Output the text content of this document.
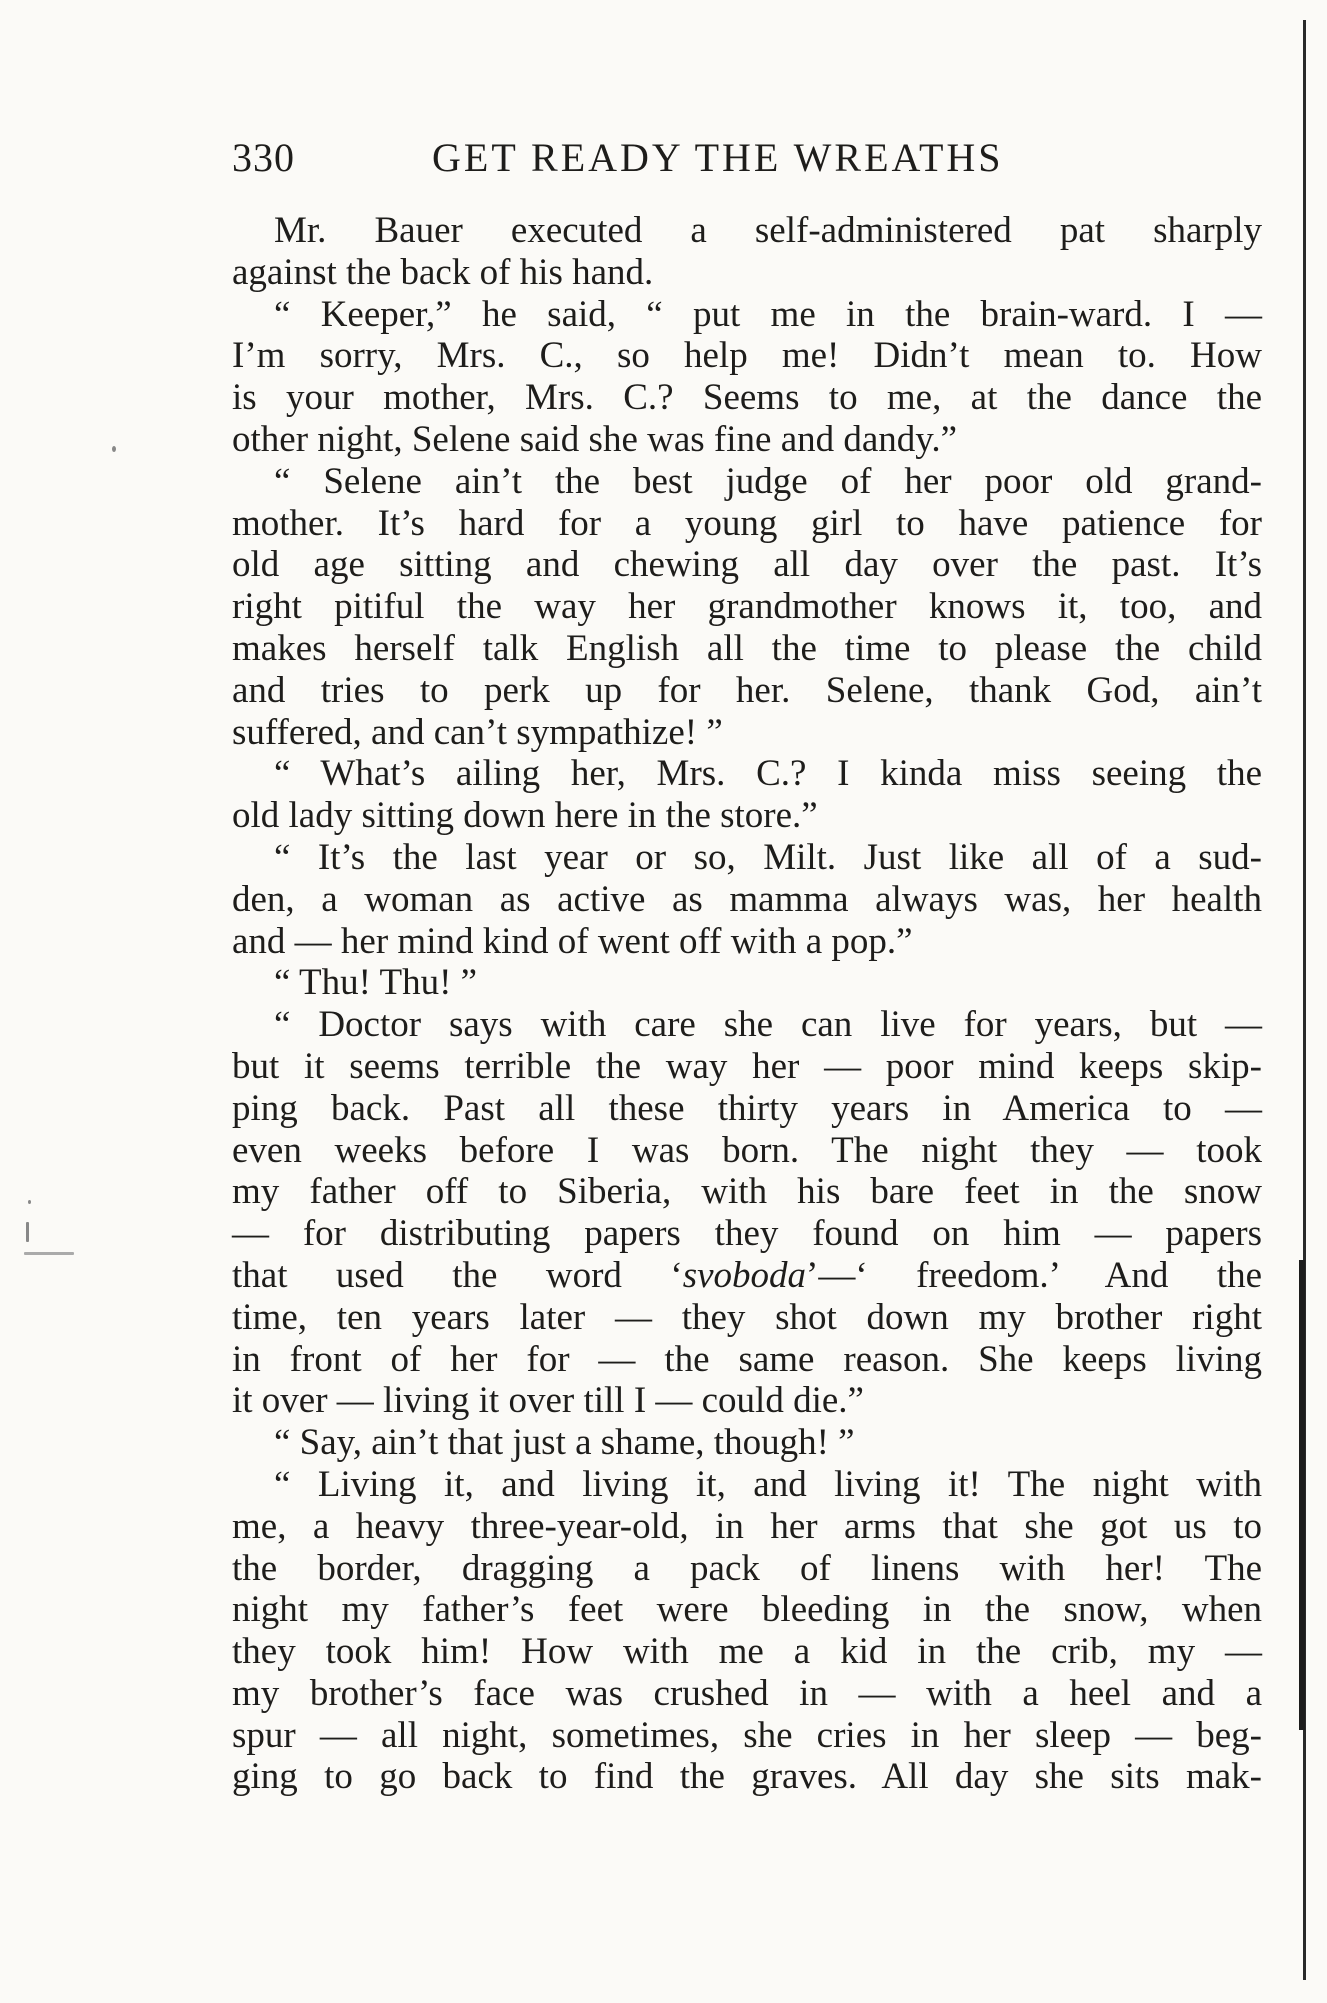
330	GET READY THE WREATHS
Mr. Bauer executed a self-administered pat sharply
against the back of his hand.
“ Keeper,” he said, “ put me in the brain-ward. I —
I’m sorry, Mrs. C., so help me! Didn’t mean to. How
is your mother, Mrs. C.? Seems to me, at the dance the
other night, Selene said she was fine and dandy.”
“ Selene ain’t the best judge of her poor old grand-
mother. It’s hard for a young girl to have patience for
old age sitting and chewing all day over the past. It’s
right pitiful the way her grandmother knows it, too, and
makes herself talk English all the time to please the child
and tries to perk up for her. Selene, thank God, ain’t
suffered, and can’t sympathize! ”
“ What’s ailing her, Mrs. C.? I kinda miss seeing the
old lady sitting down here in the store.”
“ It’s the last year or so, Milt. Just like all of a sud-
den, a woman as active as mamma always was, her health
and — her mind kind of went off with a pop.”
“ Thu! Thu! ”
“ Doctor says with care she can live for years, but —
but it seems terrible the way her — poor mind keeps skip-
ping back. Past all these thirty years in America to —
even weeks before I was born. The night they — took
my father off to Siberia, with his bare feet in the snow
— for distributing papers they found on him — papers
that used the word ‘svoboda’—‘ freedom.’ And the
time, ten years later — they shot down my brother right
in front of her for — the same reason. She keeps living
it over — living it over till I — could die.”
“ Say, ain’t that just a shame, though! ”
“ Living it, and living it, and living it! The night with
me, a heavy three-year-old, in her arms that she got us to
the border, dragging a pack of linens with her! The
night my father’s feet were bleeding in the snow, when
they took him! How with me a kid in the crib, my —
my brother’s face was crushed in — with a heel and a
spur — all night, sometimes, she cries in her sleep — beg-
ging to go back to find the graves. All day she sits mak-
